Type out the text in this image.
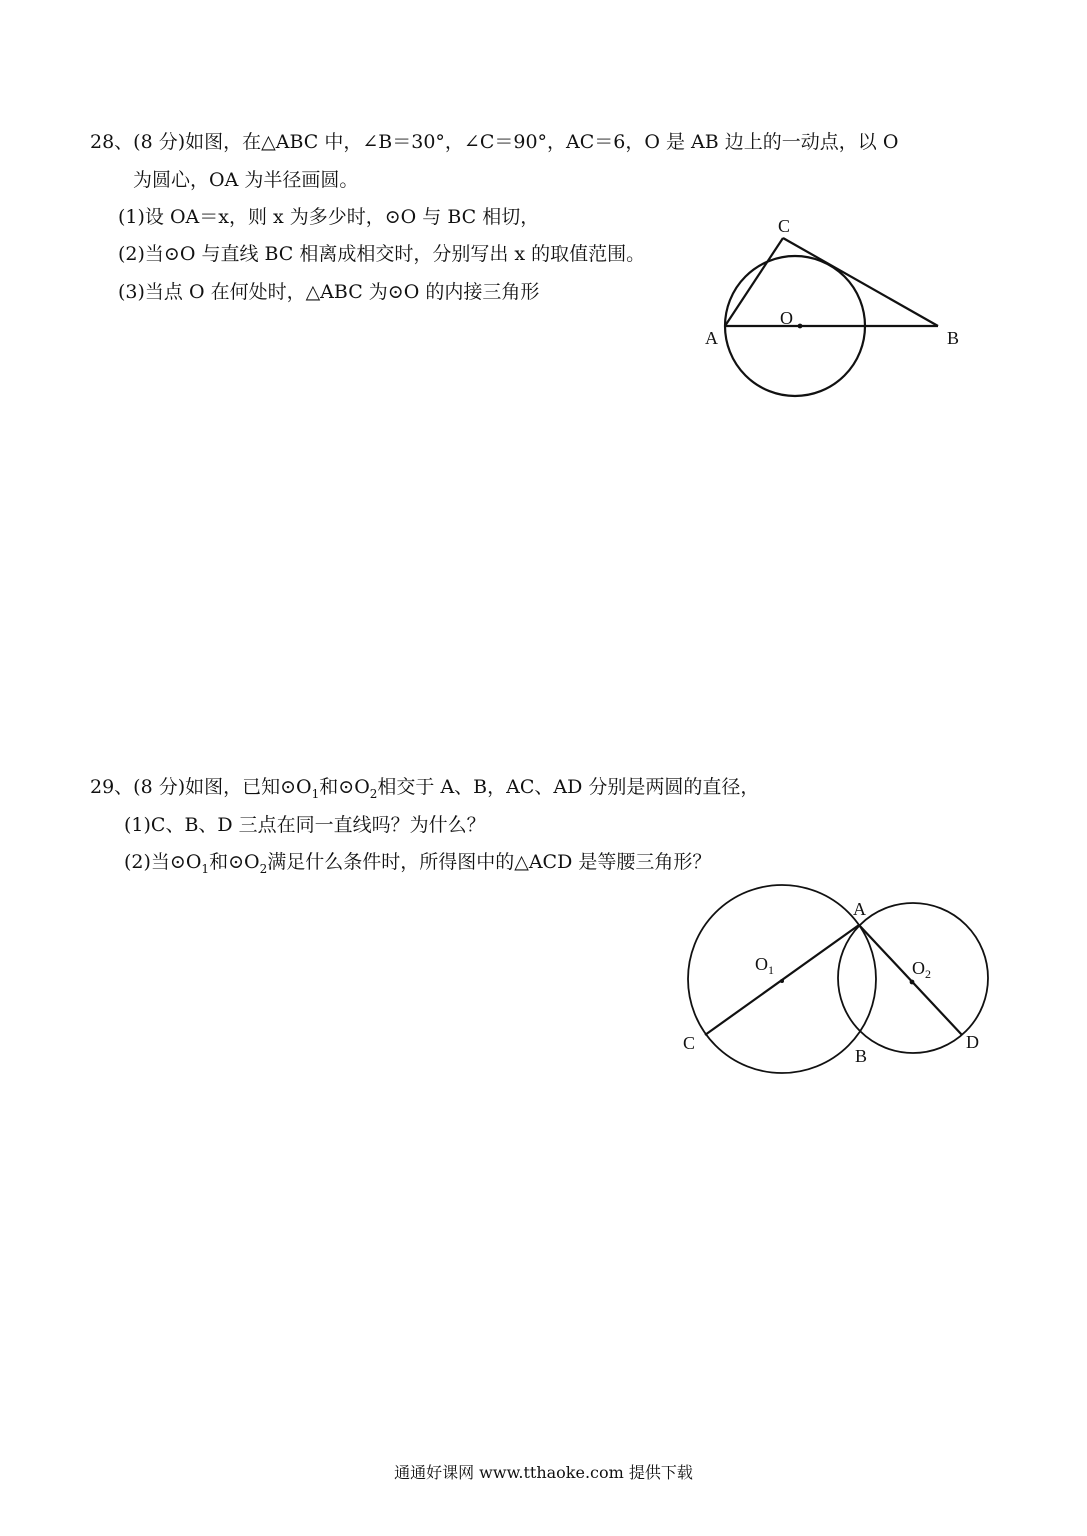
28、(8 分)如图，在△ABC 中，∠B＝30°，∠C＝90°，AC＝6，O 是 AB 边上的一动点，以 O
为圆心，OA 为半径画圆。
(1)设 OA＝x，则 x 为多少时，⊙O 与 BC 相切，
(2)当⊙O 与直线 BC 相离成相交时，分别写出 x 的取值范围。
(3)当点 O 在何处时，△ABC 为⊙O 的内接三角形
C
O
A	B
29、(8 分)如图，已知$⊙O_1$和$⊙O_2$相交于 A、B，AC、AD 分别是两圆的直径，
(1)C、B、D 三点在同一直线吗？为什么？
(2)当$⊙O_1$和$⊙O_2$满足什么条件时，所得图中的△ACD 是等腰三角形？
A
$O_1$	$O_2$
C
B
D
通通好课网 www.tthaoke.com 提供下载
